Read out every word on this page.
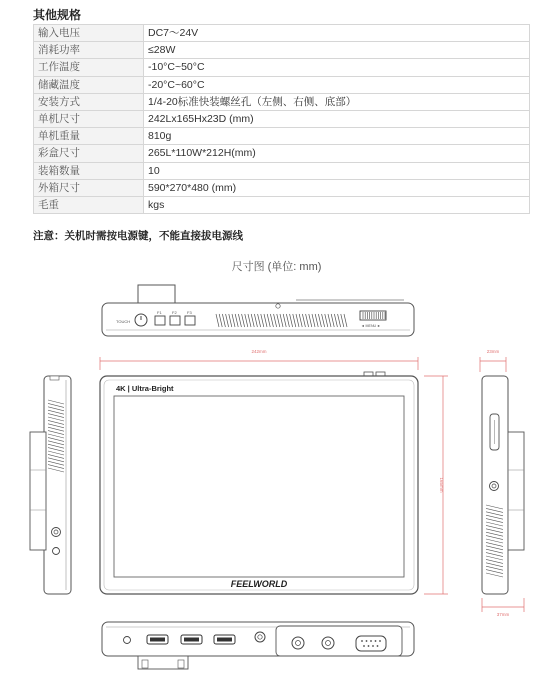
其他规格
输入电压	DC7～24V
消耗功率	≤28W
工作温度	-10°C~50°C
储藏温度	-20°C~60°C
安装方式	1/4-20标准快装螺丝孔（左侧、右侧、底部）
单机尺寸	242Lx165Hx23D (mm)
单机重量	810g
彩盒尺寸	265L*110W*212H(mm)
装箱数量	10
外箱尺寸	590*270*480 (mm)
毛重	kgs
注意：关机时需按电源键，不能直接拔电源线
尺寸图 (单位: mm)
TOUCH
F1	F2	F3
◄ MENU ►
242mm	23mm
4K | Ultra-Bright
FEELWORLD
165mm
37mm
